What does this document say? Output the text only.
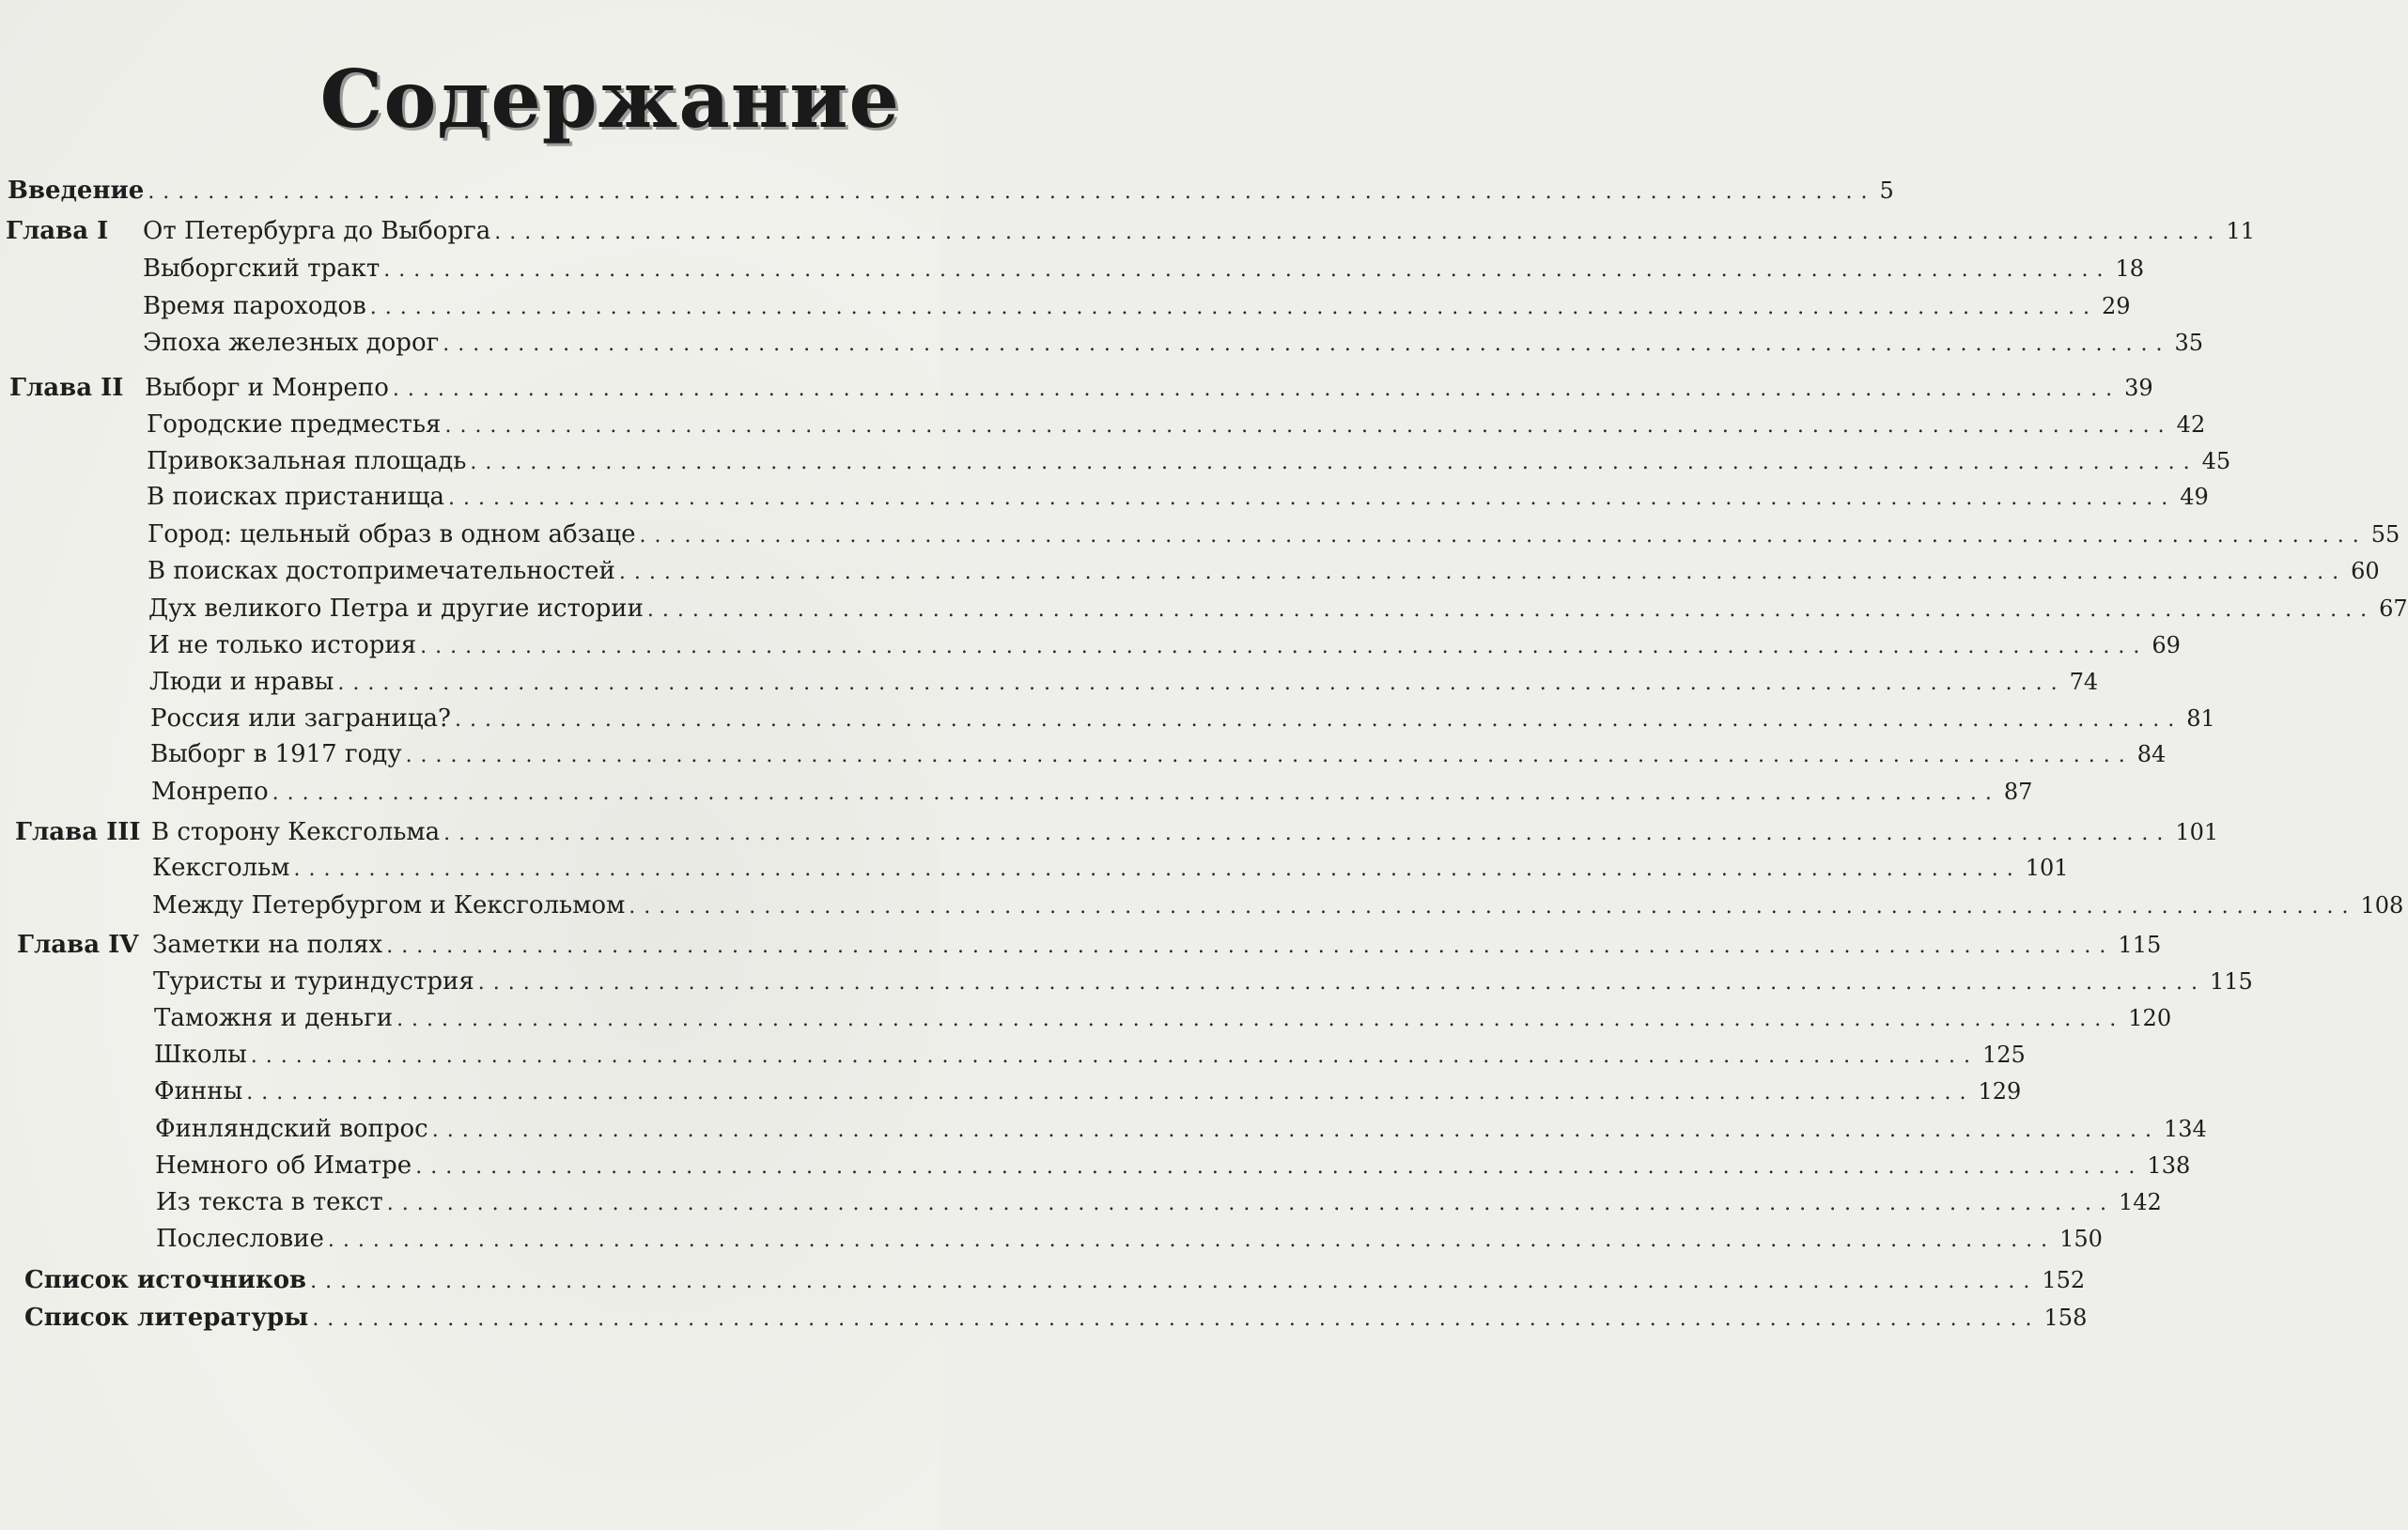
Содержание
Введение ................................................................................................................... 5
Глава I От Петербурга до Выборга ................................................................................................................... 11
Выборгский тракт ................................................................................................................... 18
Время пароходов ................................................................................................................... 29
Эпоха железных дорог ................................................................................................................... 35
Глава II Выборг и Монрепо ................................................................................................................... 39
Городские предместья ................................................................................................................... 42
Привокзальная площадь ................................................................................................................... 45
В поисках пристанища ................................................................................................................... 49
Город: цельный образ в одном абзаце ................................................................................................................... 55
В поисках достопримечательностей ................................................................................................................... 60
Дух великого Петра и другие истории ................................................................................................................... 67
И не только история ................................................................................................................... 69
Люди и нравы ................................................................................................................... 74
Россия или заграница? ................................................................................................................... 81
Выборг в 1917 году ................................................................................................................... 84
Монрепо ................................................................................................................... 87
Глава III В сторону Кексгольма ................................................................................................................... 101
Кексгольм ................................................................................................................... 101
Между Петербургом и Кексгольмом ................................................................................................................... 108
Глава IV Заметки на полях ................................................................................................................... 115
Туристы и туриндустрия ................................................................................................................... 115
Таможня и деньги ................................................................................................................... 120
Школы ................................................................................................................... 125
Финны ................................................................................................................... 129
Финляндский вопрос ................................................................................................................... 134
Немного об Иматре ................................................................................................................... 138
Из текста в текст ................................................................................................................... 142
Послесловие ................................................................................................................... 150
Список источников ................................................................................................................... 152
Список литературы ................................................................................................................... 158
